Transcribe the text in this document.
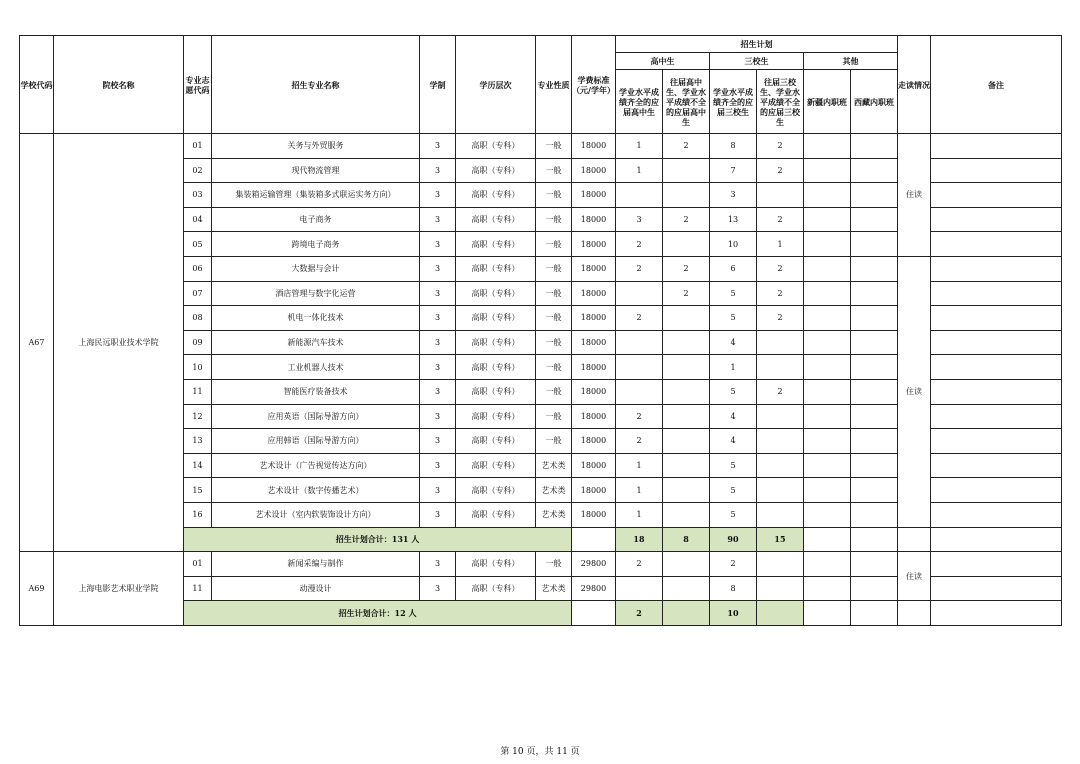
学校代码	院校名称	专业志愿代码	招生专业名称	学制	学历层次	专业性质	学费标准（元/学年）	招生计划						走读情况	备注
								高中生		三校生		其他			
								学业水平成绩齐全的应届高中生	往届高中生、学业水平成绩不全的应届高中生	学业水平成绩齐全的应届三校生	往届三校生、学业水平成绩不全的应届三校生	新疆内职班	西藏内职班		
A67	上海民远职业技术学院	01	关务与外贸服务	3	高职（专科）	一般	18000	1	2	8	2			住读	
		02	现代物流管理	3	高职（专科）	一般	18000	1		7	2				
		03	集装箱运输管理（集装箱多式联运实务方向）	3	高职（专科）	一般	18000			3					
		04	电子商务	3	高职（专科）	一般	18000	3	2	13	2				
		05	跨境电子商务	3	高职（专科）	一般	18000	2		10	1				
		06	大数据与会计	3	高职（专科）	一般	18000	2	2	6	2			住读	
		07	酒店管理与数字化运营	3	高职（专科）	一般	18000		2	5	2				
		08	机电一体化技术	3	高职（专科）	一般	18000	2		5	2				
		09	新能源汽车技术	3	高职（专科）	一般	18000			4					
		10	工业机器人技术	3	高职（专科）	一般	18000			1					
		11	智能医疗装备技术	3	高职（专科）	一般	18000			5	2				
		12	应用英语（国际导游方向）	3	高职（专科）	一般	18000	2		4					
		13	应用韩语（国际导游方向）	3	高职（专科）	一般	18000	2		4					
		14	艺术设计（广告视觉传达方向）	3	高职（专科）	艺术类	18000	1		5					
		15	艺术设计（数字传播艺术）	3	高职（专科）	艺术类	18000	1		5					
		16	艺术设计（室内软装饰设计方向）	3	高职（专科）	艺术类	18000	1		5					
		招生计划合计：131 人						18	8	90	15				
A69	上海电影艺术职业学院	01	新闻采编与制作	3	高职（专科）	一般	29800	2		2				住读	
		11	动漫设计	3	高职（专科）	艺术类	29800			8					
		招生计划合计：12 人						2		10					
第 10 页，共 11 页
